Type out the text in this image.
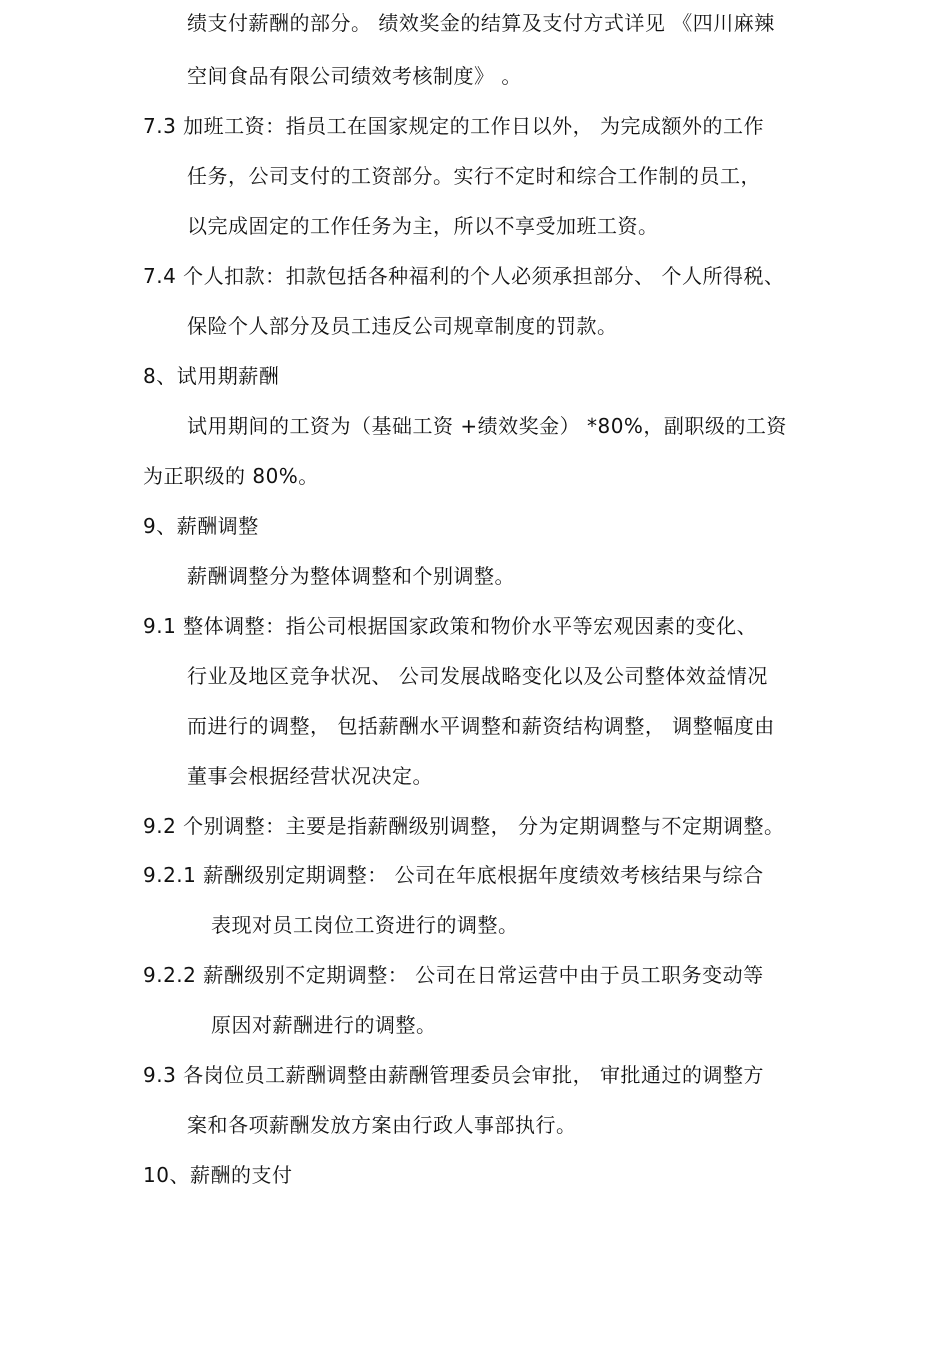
绩支付薪酬的部分。 绩效奖金的结算及支付方式详见 《四川麻辣
空间食品有限公司绩效考核制度》 。
7.3 加班工资：指员工在国家规定的工作日以外， 为完成额外的工作
任务，公司支付的工资部分。实行不定时和综合工作制的员工，
以完成固定的工作任务为主，所以不享受加班工资。
7.4 个人扣款：扣款包括各种福利的个人必须承担部分、 个人所得税、
保险个人部分及员工违反公司规章制度的罚款。
8、试用期薪酬
试用期间的工资为（基础工资 +绩效奖金） *80%，副职级的工资
为正职级的 80%。
9、薪酬调整
薪酬调整分为整体调整和个别调整。
9.1 整体调整：指公司根据国家政策和物价水平等宏观因素的变化、
行业及地区竞争状况、 公司发展战略变化以及公司整体效益情况
而进行的调整， 包括薪酬水平调整和薪资结构调整， 调整幅度由
董事会根据经营状况决定。
9.2 个别调整：主要是指薪酬级别调整， 分为定期调整与不定期调整。
9.2.1 薪酬级别定期调整： 公司在年底根据年度绩效考核结果与综合
表现对员工岗位工资进行的调整。
9.2.2 薪酬级别不定期调整： 公司在日常运营中由于员工职务变动等
原因对薪酬进行的调整。
9.3 各岗位员工薪酬调整由薪酬管理委员会审批， 审批通过的调整方
案和各项薪酬发放方案由行政人事部执行。
10、薪酬的支付
